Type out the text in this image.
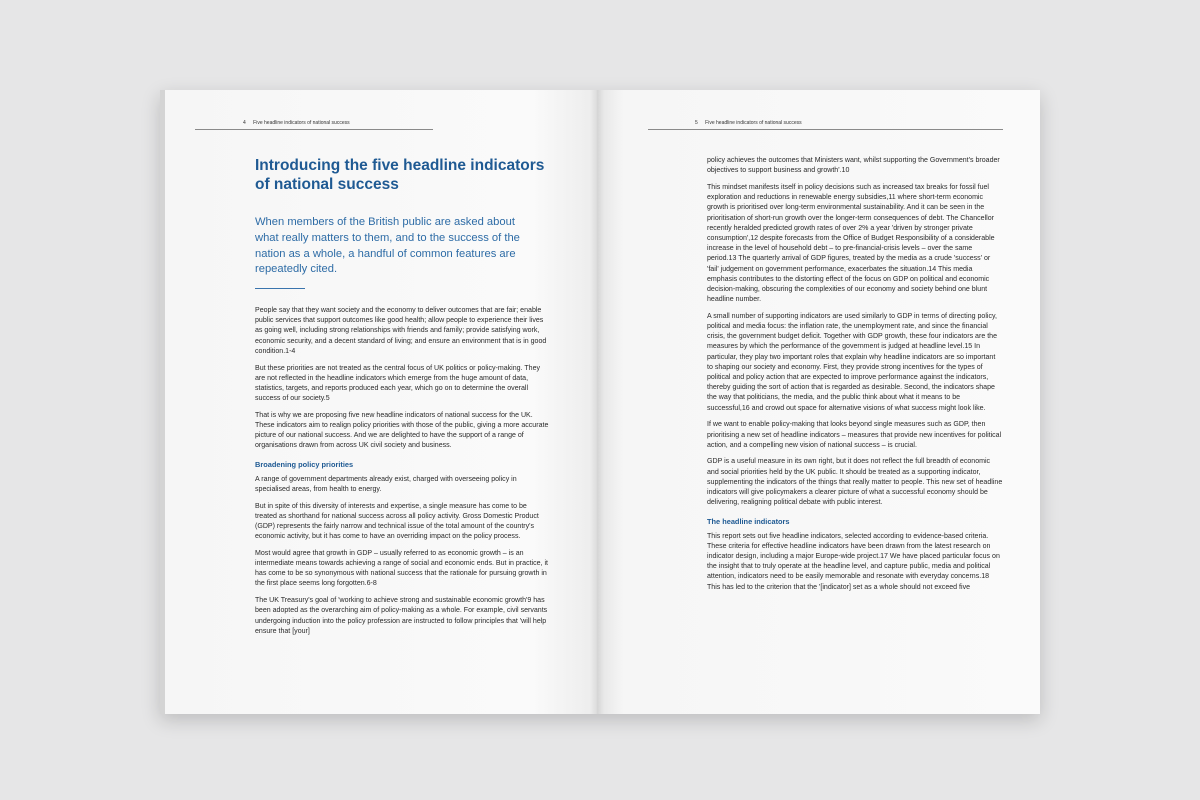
4 Five headline indicators of national success
Introducing the five headline indicators of national success

When members of the British public are asked about what really matters to them, and to the success of the nation as a whole, a handful of common features are repeatedly cited.

People say that they want society and the economy to deliver outcomes that are fair; enable public services that support outcomes like good health; allow people to experience their lives as going well, including strong relationships with friends and family; provide satisfying work, economic security, and a decent standard of living; and ensure an environment that is in good condition.1-4

But these priorities are not treated as the central focus of UK politics or policy-making. They are not reflected in the headline indicators which emerge from the huge amount of data, statistics, targets, and reports produced each year, which go on to determine the overall success of our society.5

That is why we are proposing five new headline indicators of national success for the UK. These indicators aim to realign policy priorities with those of the public, giving a more accurate picture of our national success. And we are delighted to have the support of a range of organisations drawn from across UK civil society and business.

Broadening policy priorities

A range of government departments already exist, charged with overseeing policy in specialised areas, from health to energy.

But in spite of this diversity of interests and expertise, a single measure has come to be treated as shorthand for national success across all policy activity. Gross Domestic Product (GDP) represents the fairly narrow and technical issue of the total amount of the country's economic activity, but it has come to have an overriding impact on the policy process.

Most would agree that growth in GDP – usually referred to as economic growth – is an intermediate means towards achieving a range of social and economic ends. But in practice, it has come to be so synonymous with national success that the rationale for pursuing growth in the first place seems long forgotten.6-8

The UK Treasury's goal of 'working to achieve strong and sustainable economic growth'9 has been adopted as the overarching aim of policy-making as a whole. For example, civil servants undergoing induction into the policy profession are instructed to follow principles that 'will help ensure that [your]

5 Five headline indicators of national success

policy achieves the outcomes that Ministers want, whilst supporting the Government's broader objectives to support business and growth'.10

This mindset manifests itself in policy decisions such as increased tax breaks for fossil fuel exploration and reductions in renewable energy subsidies,11 where short-term economic growth is prioritised over long-term environmental sustainability. And it can be seen in the prioritisation of short-run growth over the longer-term consequences of debt. The Chancellor recently heralded predicted growth rates of over 2% a year 'driven by stronger private consumption',12 despite forecasts from the Office of Budget Responsibility of a considerable increase in the level of household debt – to pre-financial-crisis levels – over the same period.13 The quarterly arrival of GDP figures, treated by the media as a crude 'success' or 'fail' judgement on government performance, exacerbates the situation.14 This media emphasis contributes to the distorting effect of the focus on GDP on political and economic decision-making, obscuring the complexities of our economy and society behind one blunt headline number.

A small number of supporting indicators are used similarly to GDP in terms of directing policy, political and media focus: the inflation rate, the unemployment rate, and since the financial crisis, the government budget deficit. Together with GDP growth, these four indicators are the measures by which the performance of the government is judged at headline level.15 In particular, they play two important roles that explain why headline indicators are so important to shaping our society and economy. First, they provide strong incentives for the types of political and policy action that are expected to improve performance against the indicators, thereby guiding the sort of action that is regarded as desirable. Second, the indicators shape the way that politicians, the media, and the public think about what it means to be successful,16 and crowd out space for alternative visions of what success might look like.

If we want to enable policy-making that looks beyond single measures such as GDP, then prioritising a new set of headline indicators – measures that provide new incentives for political action, and a compelling new vision of national success – is crucial.

GDP is a useful measure in its own right, but it does not reflect the full breadth of economic and social priorities held by the UK public. It should be treated as a supporting indicator, supplementing the indicators of the things that really matter to people. This new set of headline indicators will give policymakers a clearer picture of what a successful economy should be delivering, realigning political debate with public interest.

The headline indicators

This report sets out five headline indicators, selected according to evidence-based criteria. These criteria for effective headline indicators have been drawn from the latest research on indicator design, including a major Europe-wide project.17 We have placed particular focus on the insight that to truly operate at the headline level, and capture public, media and political attention, indicators need to be easily memorable and resonate with everyday concerns.18 This has led to the criterion that the '[indicator] set as a whole should not exceed five
